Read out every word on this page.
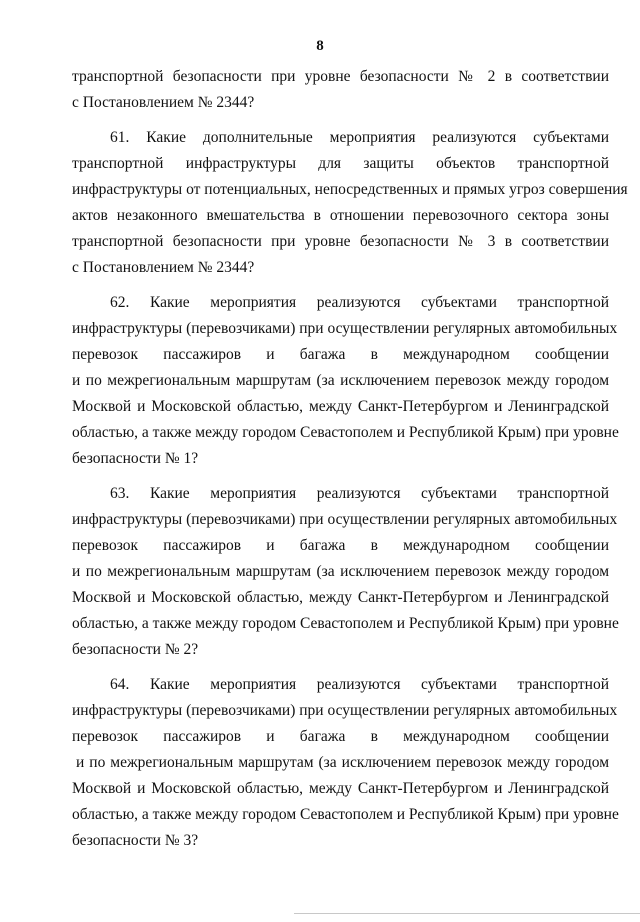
8
транспортной безопасности при уровне безопасности № 2 в соответствии
с Постановлением № 2344?
61. Какие дополнительные мероприятия реализуются субъектами
транспортной инфраструктуры для защиты объектов транспортной
инфраструктуры от потенциальных, непосредственных и прямых угроз совершения
актов незаконного вмешательства в отношении перевозочного сектора зоны
транспортной безопасности при уровне безопасности № 3 в соответствии
с Постановлением № 2344?
62. Какие мероприятия реализуются субъектами транспортной
инфраструктуры (перевозчиками) при осуществлении регулярных автомобильных
перевозок пассажиров и багажа в международном сообщении
и по межрегиональным маршрутам (за исключением перевозок между городом
Москвой и Московской областью, между Санкт-Петербургом и Ленинградской
областью, а также между городом Севастополем и Республикой Крым) при уровне
безопасности № 1?
63. Какие мероприятия реализуются субъектами транспортной
инфраструктуры (перевозчиками) при осуществлении регулярных автомобильных
перевозок пассажиров и багажа в международном сообщении
и по межрегиональным маршрутам (за исключением перевозок между городом
Москвой и Московской областью, между Санкт-Петербургом и Ленинградской
областью, а также между городом Севастополем и Республикой Крым) при уровне
безопасности № 2?
64. Какие мероприятия реализуются субъектами транспортной
инфраструктуры (перевозчиками) при осуществлении регулярных автомобильных
перевозок пассажиров и багажа в международном сообщении
и по межрегиональным маршрутам (за исключением перевозок между городом
Москвой и Московской областью, между Санкт-Петербургом и Ленинградской
областью, а также между городом Севастополем и Республикой Крым) при уровне
безопасности № 3?
